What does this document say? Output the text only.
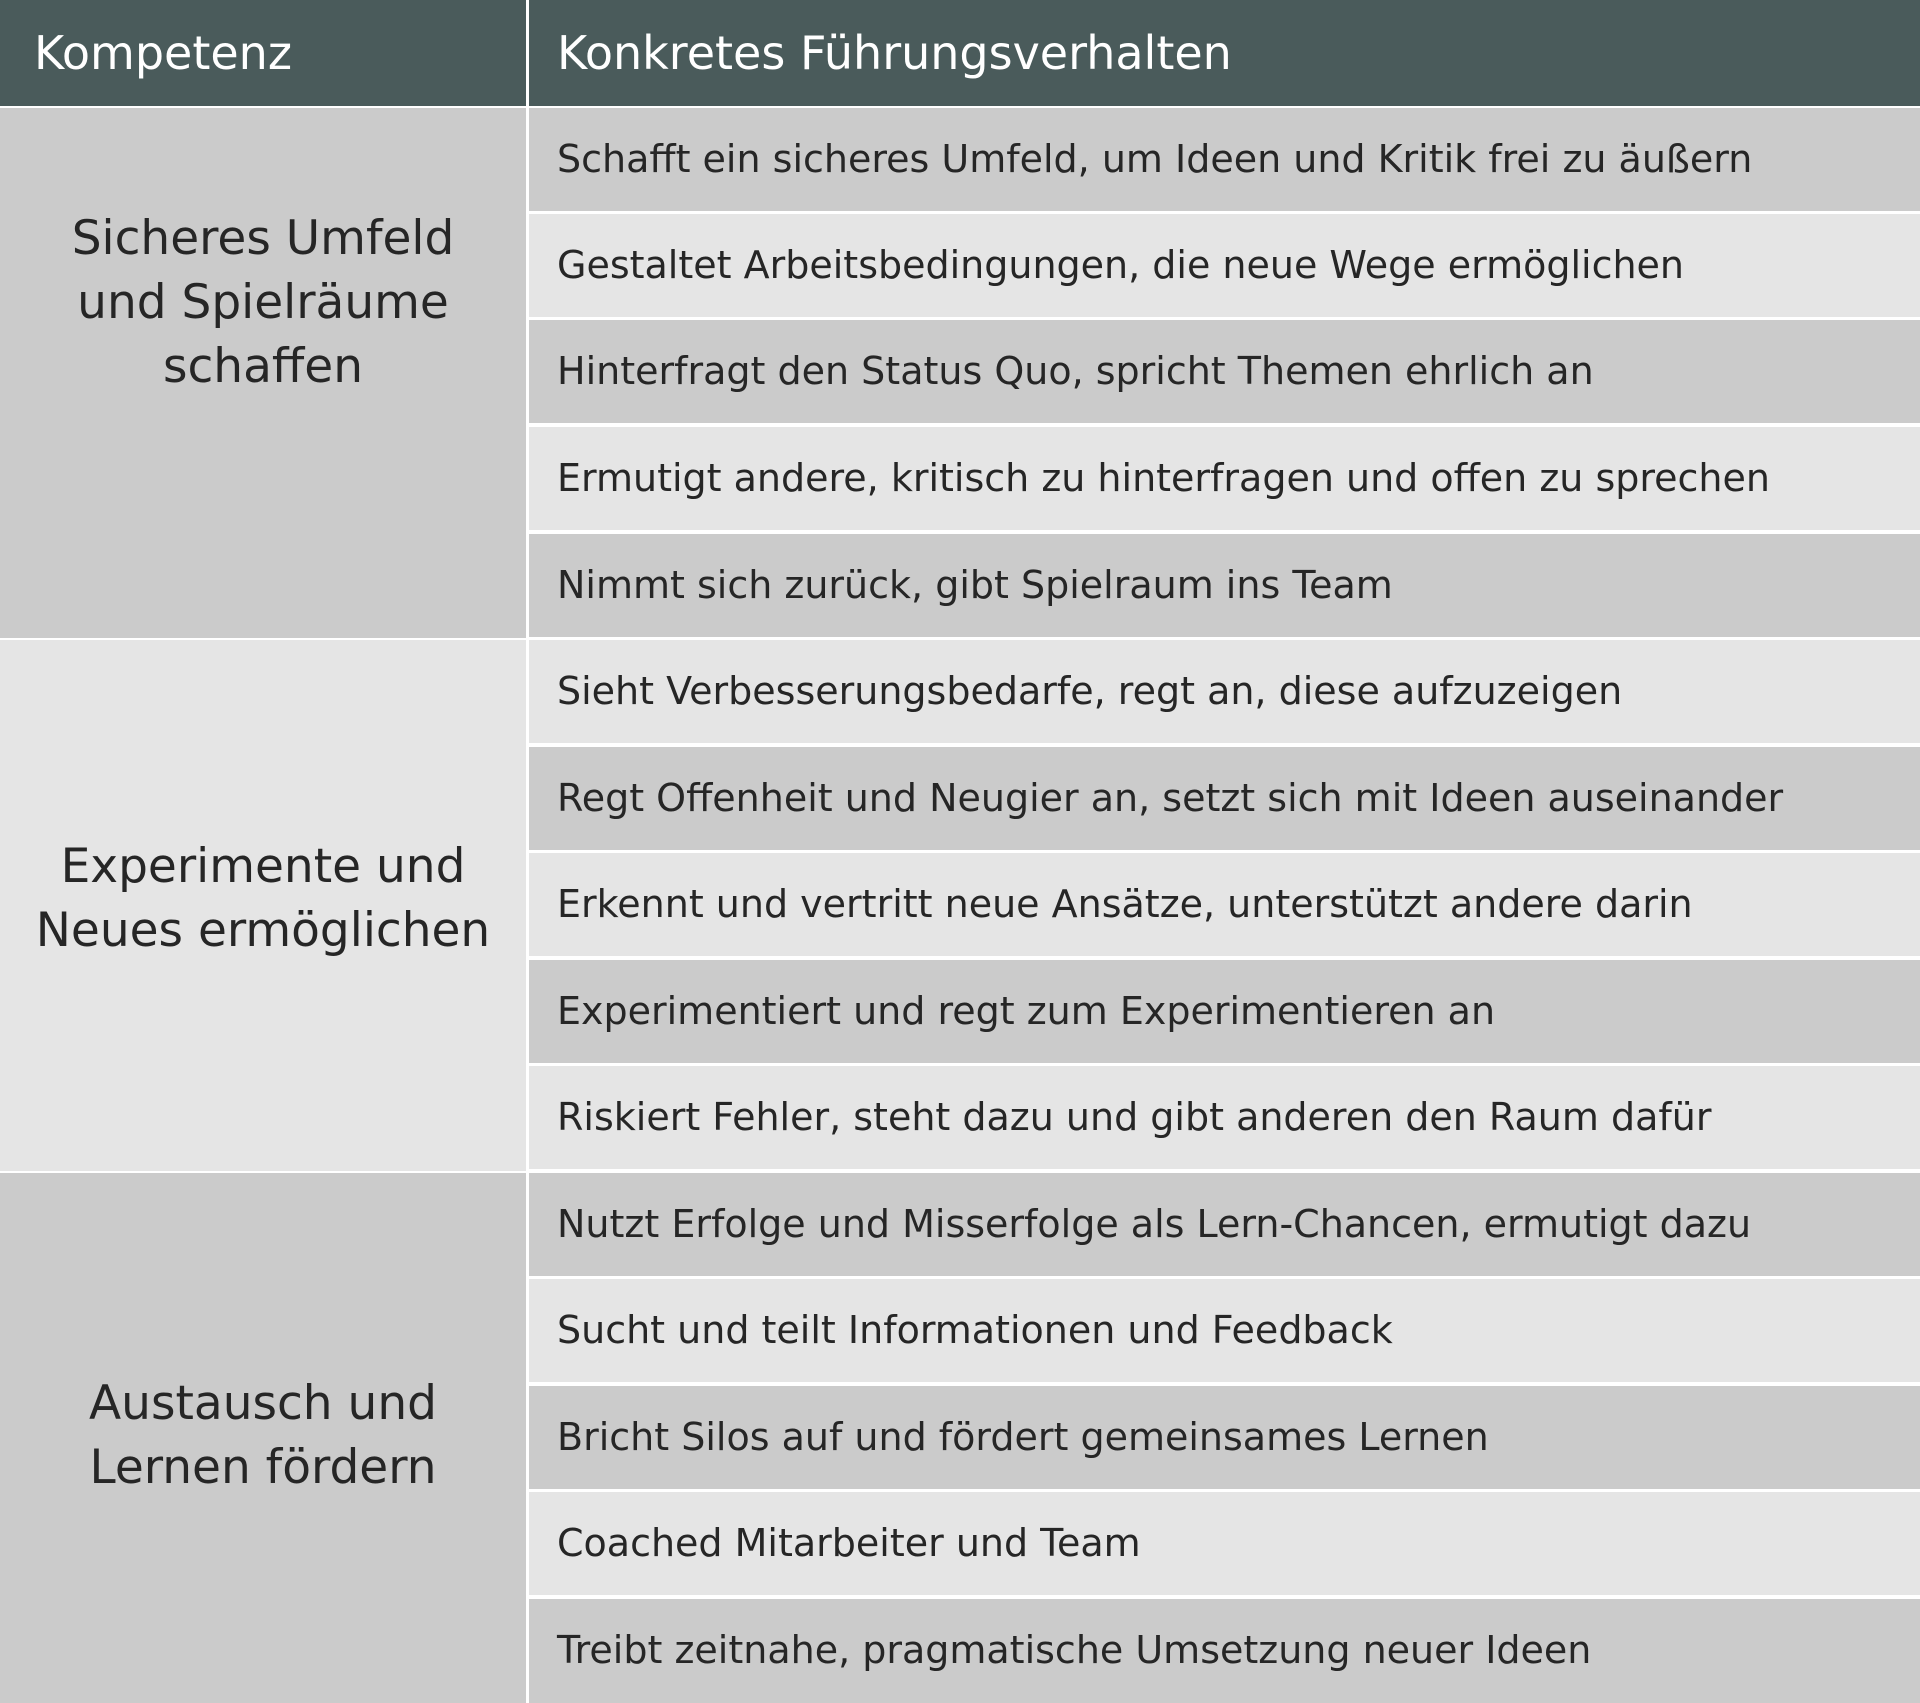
Kompetenz	Konkretes Führungsverhalten
Sicheres Umfeld
und Spielräume
schaffen
Schafft ein sicheres Umfeld, um Ideen und Kritik frei zu äußern
Gestaltet Arbeitsbedingungen, die neue Wege ermöglichen
Hinterfragt den Status Quo, spricht Themen ehrlich an
Ermutigt andere, kritisch zu hinterfragen und offen zu sprechen
Nimmt sich zurück, gibt Spielraum ins Team
Experimente und
Neues ermöglichen
Sieht Verbesserungsbedarfe, regt an, diese aufzuzeigen
Regt Offenheit und Neugier an, setzt sich mit Ideen auseinander
Erkennt und vertritt neue Ansätze, unterstützt andere darin
Experimentiert und regt zum Experimentieren an
Riskiert Fehler, steht dazu und gibt anderen den Raum dafür
Austausch und
Lernen fördern
Nutzt Erfolge und Misserfolge als Lern-Chancen, ermutigt dazu
Sucht und teilt Informationen und Feedback
Bricht Silos auf und fördert gemeinsames Lernen
Coached Mitarbeiter und Team
Treibt zeitnahe, pragmatische Umsetzung neuer Ideen
